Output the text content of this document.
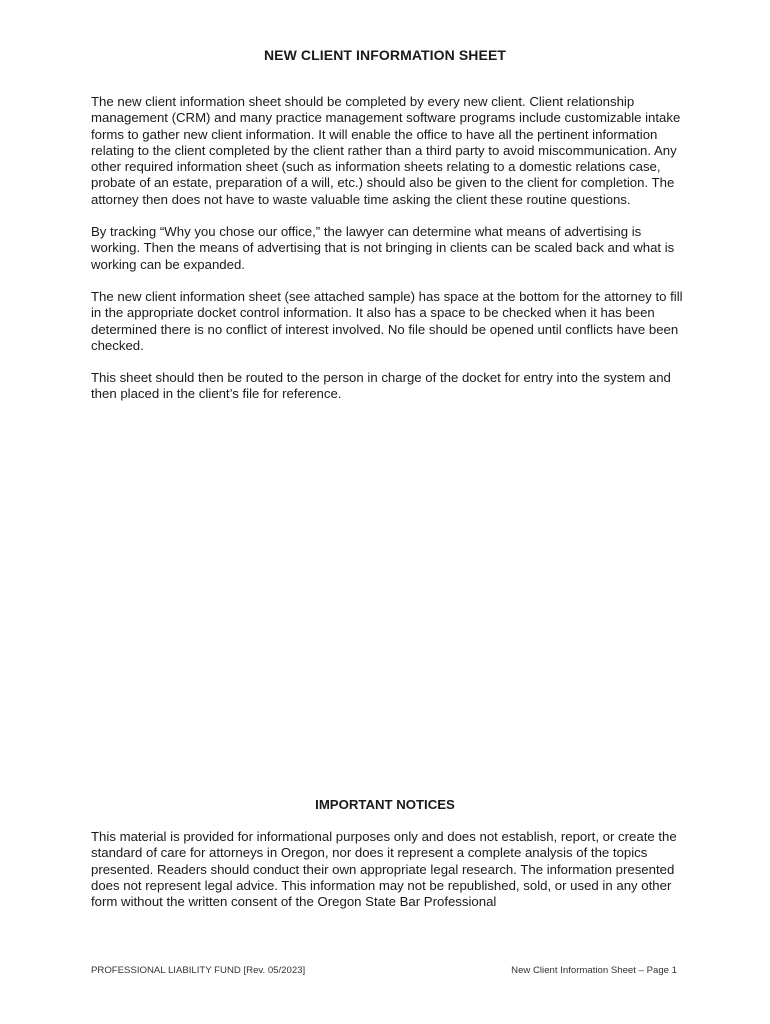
NEW CLIENT INFORMATION SHEET

The new client information sheet should be completed by every new client. Client relationship management (CRM) and many practice management software programs include customizable intake forms to gather new client information. It will enable the office to have all the pertinent information relating to the client completed by the client rather than a third party to avoid miscommunication. Any other required information sheet (such as information sheets relating to a domestic relations case, probate of an estate, preparation of a will, etc.) should also be given to the client for completion. The attorney then does not have to waste valuable time asking the client these routine questions.

By tracking “Why you chose our office,” the lawyer can determine what means of advertising is working. Then the means of advertising that is not bringing in clients can be scaled back and what is working can be expanded.

The new client information sheet (see attached sample) has space at the bottom for the attorney to fill in the appropriate docket control information. It also has a space to be checked when it has been determined there is no conflict of interest involved. No file should be opened until conflicts have been checked.

This sheet should then be routed to the person in charge of the docket for entry into the system and then placed in the client’s file for reference.

IMPORTANT NOTICES

This material is provided for informational purposes only and does not establish, report, or create the standard of care for attorneys in Oregon, nor does it represent a complete analysis of the topics presented. Readers should conduct their own appropriate legal research. The information presented does not represent legal advice. This information may not be republished, sold, or used in any other form without the written consent of the Oregon State Bar Professional

PROFESSIONAL LIABILITY FUND [Rev. 05/2023]	New Client Information Sheet – Page 1
